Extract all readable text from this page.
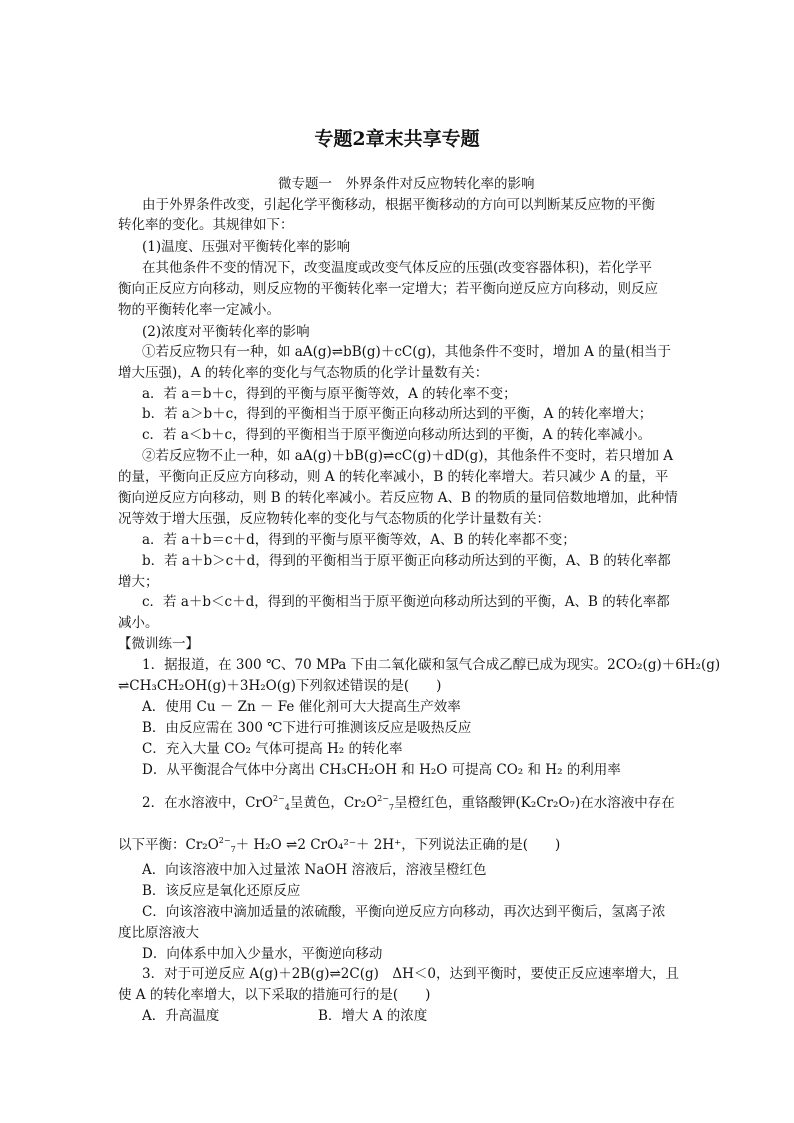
专题2章末共享专题
微专题一　外界条件对反应物转化率的影响
由于外界条件改变，引起化学平衡移动，根据平衡移动的方向可以判断某反应物的平衡
转化率的变化。其规律如下：
(1)温度、压强对平衡转化率的影响
在其他条件不变的情况下，改变温度或改变气体反应的压强(改变容器体积)，若化学平
衡向正反应方向移动，则反应物的平衡转化率一定增大；若平衡向逆反应方向移动，则反应
物的平衡转化率一定减小。
(2)浓度对平衡转化率的影响
①若反应物只有一种，如 aA(g)⇌bB(g)＋cC(g)，其他条件不变时，增加 A 的量(相当于
增大压强)，A 的转化率的变化与气态物质的化学计量数有关：
a．若 a＝b＋c，得到的平衡与原平衡等效，A 的转化率不变；
b．若 a＞b＋c，得到的平衡相当于原平衡正向移动所达到的平衡，A 的转化率增大；
c．若 a＜b＋c，得到的平衡相当于原平衡逆向移动所达到的平衡，A 的转化率减小。
②若反应物不止一种，如 aA(g)＋bB(g)⇌cC(g)＋dD(g)，其他条件不变时，若只增加 A
的量，平衡向正反应方向移动，则 A 的转化率减小，B 的转化率增大。若只减少 A 的量，平
衡向逆反应方向移动，则 B 的转化率减小。若反应物 A、B 的物质的量同倍数地增加，此种情
况等效于增大压强，反应物转化率的变化与气态物质的化学计量数有关：
a．若 a＋b＝c＋d，得到的平衡与原平衡等效，A、B 的转化率都不变；
b．若 a＋b＞c＋d，得到的平衡相当于原平衡正向移动所达到的平衡，A、B 的转化率都
增大；
c．若 a＋b＜c＋d，得到的平衡相当于原平衡逆向移动所达到的平衡，A、B 的转化率都
减小。
【微训练一】
1．据报道，在 300 ℃、70 MPa 下由二氧化碳和氢气合成乙醇已成为现实。2CO₂(g)＋6H₂(g)
⇌CH₃CH₂OH(g)＋3H₂O(g)下列叙述错误的是(　　)
A．使用 Cu － Zn － Fe 催化剂可大大提高生产效率
B．由反应需在 300 ℃下进行可推测该反应是吸热反应
C．充入大量 CO₂ 气体可提高 H₂ 的转化率
D．从平衡混合气体中分离出 CH₃CH₂OH 和 H₂O 可提高 CO₂ 和 H₂ 的利用率
2．在水溶液中，CrO$^{2-}_4$呈黄色，$Cr_2O^{2-}_7$呈橙红色，重铬酸钾(K₂Cr₂O₇)在水溶液中存在
以下平衡：$Cr_2O^{2-}_7+ H_2O$ ⇌2 CrO₄²⁻＋ 2H⁺，下列说法正确的是(　　)
A．向该溶液中加入过量浓 NaOH 溶液后，溶液呈橙红色
B．该反应是氧化还原反应
C．向该溶液中滴加适量的浓硫酸，平衡向逆反应方向移动，再次达到平衡后，氢离子浓
度比原溶液大
D．向体系中加入少量水，平衡逆向移动
3．对于可逆反应 A(g)＋2B(g)⇌2C(g)　ΔH＜0，达到平衡时，要使正反应速率增大，且
使 A 的转化率增大，以下采取的措施可行的是(　　)
A．升高温度	B．增大 A 的浓度
